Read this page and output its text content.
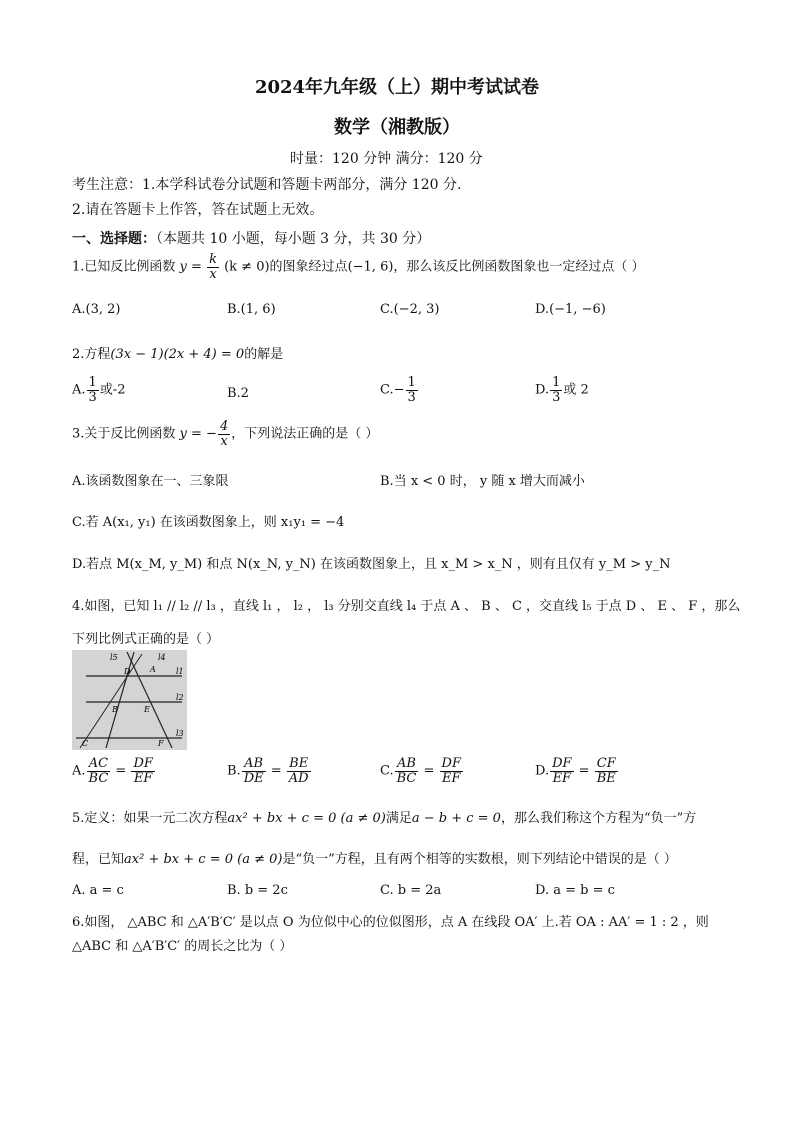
2024年九年级（上）期中考试试卷
数学（湘教版）
时量：120 分钟 满分：120 分
考生注意：1.本学科试卷分试题和答题卡两部分，满分 120 分.
2.请在答题卡上作答，答在试题上无效。
一、选择题：（本题共 10 小题，每小题 3 分，共 30 分）
1.已知反比例函数 $y = \frac{k}{x} (k \ne 0)$的图象经过点(−1, 6)，那么该反比例函数图象也一定经过点（ ）
A.(3, 2)	B.(1, 6)	C.(−2, 3)	D.(−1, −6)
2.方程(3x − 1)(2x + 4) = 0的解是
A. $\frac{1}{3}$ 或-2	B.2	$C.- \frac{1}{3}$	D. $\frac{1}{3}$ 或 2
3.关于反比例函数 y = − $\frac{4}{x}$ ，下列说法正确的是（ ）
A.该函数图象在一、三象限	B.当 x < 0 时， y 随 x 增大而减小
C.若 A(x₁, y₁) 在该函数图象上，则 x₁y₁ = −4
D.若点 M(x_M, y_M) 和点 N(x_N, y_N) 在该函数图象上，且 x_M > x_N ，则有且仅有 y_M > y_N
4.如图，已知 l₁ // l₂ // l₃ ，直线 l₁ ， l₂ ， l₃ 分别交直线 l₄ 于点 A 、 B 、 C ，交直线 l₅ 于点 D 、 E 、 F ，那么
下列比例式正确的是（ ）
l5	l4
l1
l2
l3
D A
B	E
C	F
A. $\frac{AC}{BC} = \frac{DF}{EF}$	B. $\frac{AB}{DE} = \frac{BE}{AD}$	C. $\frac{AB}{BC} = \frac{DF}{EF}$	D. $\frac{DF}{EF} = \frac{CF}{BE}$
5.定义：如果一元二次方程ax² + bx + c = 0 (a ≠ 0)满足a − b + c = 0，那么我们称这个方程为“负一”方
程，已知ax² + bx + c = 0 (a ≠ 0)是“负一”方程，且有两个相等的实数根，则下列结论中错误的是（ ）
A. a = c	B. b = 2c	C. b = 2a	D. a = b = c
6.如图， △ABC 和 △A′B′C′ 是以点 O 为位似中心的位似图形，点 A 在线段 OA′ 上.若 OA : AA′ = 1 : 2 ，则
△ABC 和 △A′B′C′ 的周长之比为（ ）
